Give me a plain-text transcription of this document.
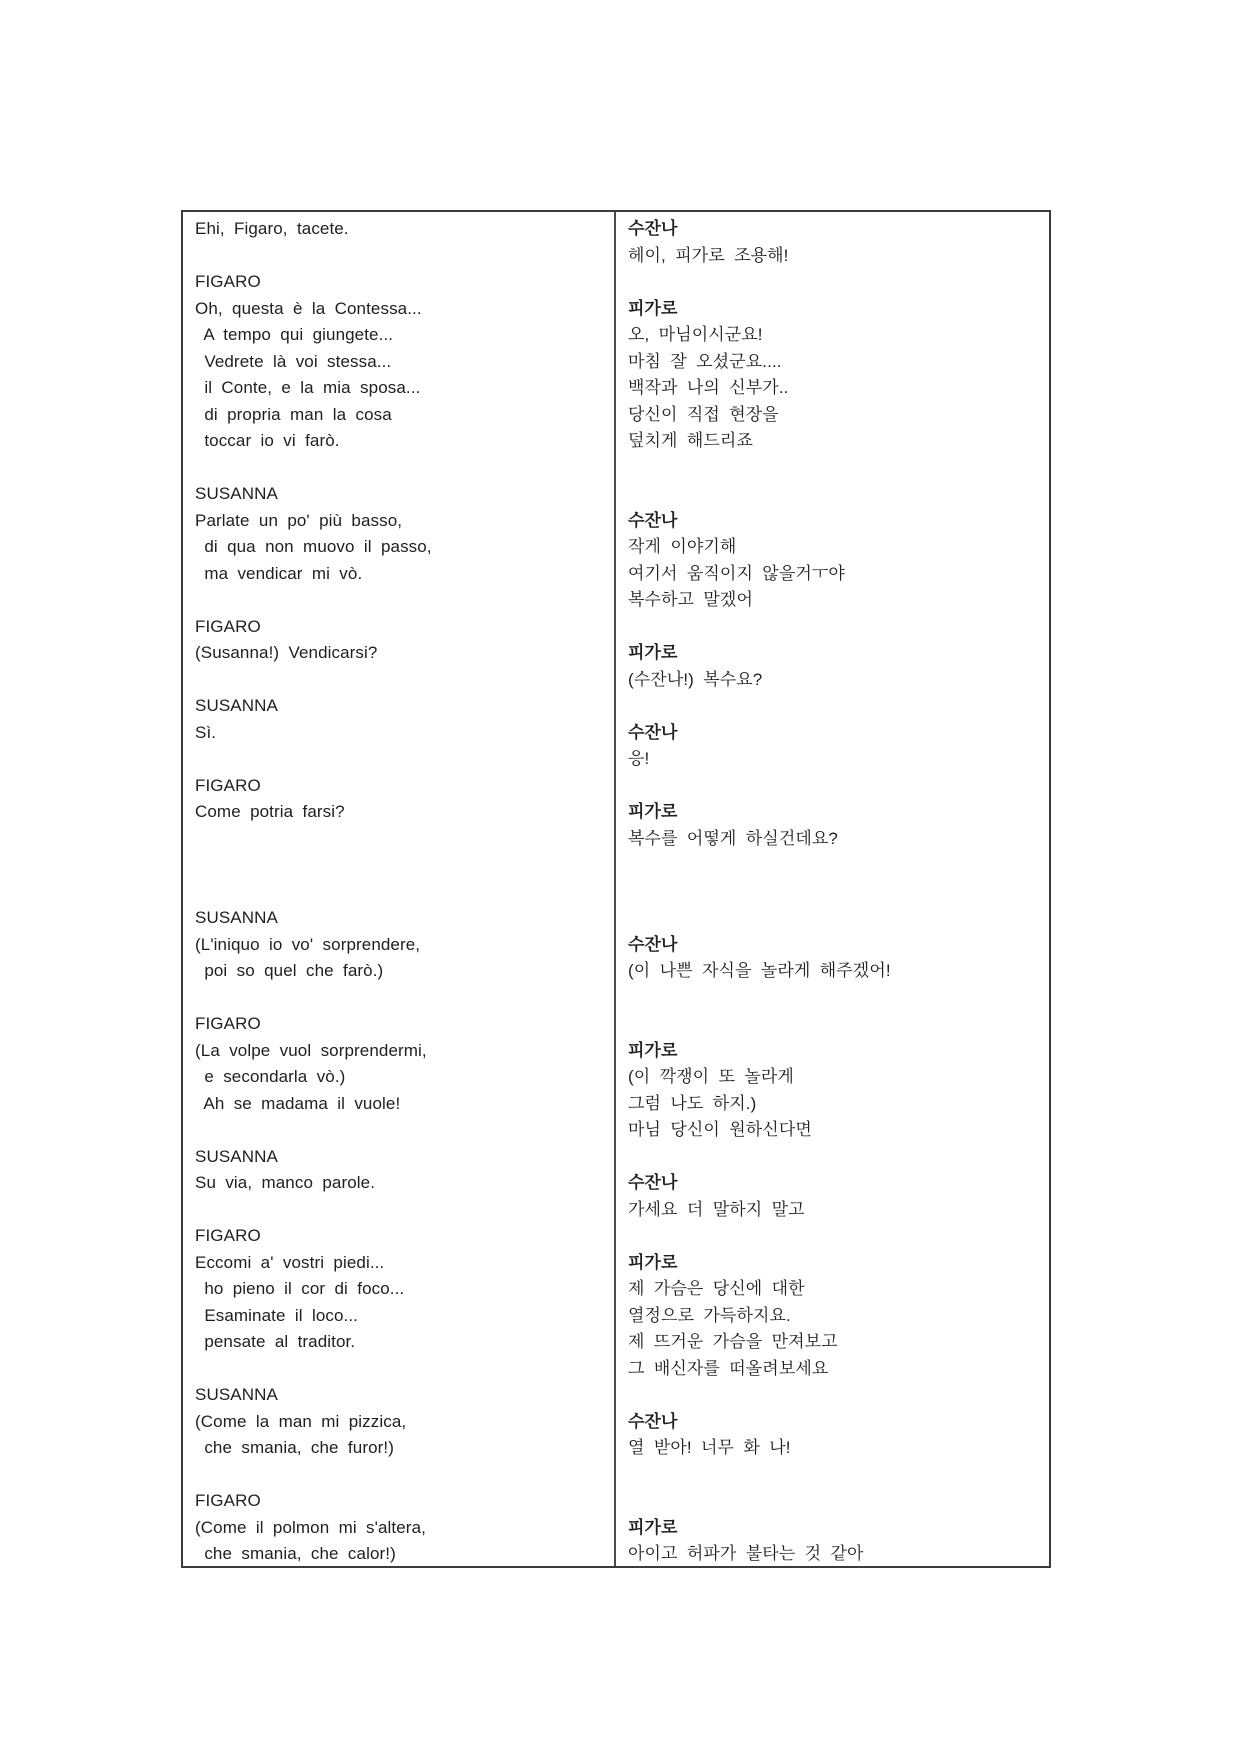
Ehi, Figaro, tacete.
FIGARO
Oh, questa è la Contessa...
A tempo qui giungete...
Vedrete là voi stessa...
il Conte, e la mia sposa...
di propria man la cosa
toccar io vi farò.
SUSANNA
Parlate un po' più basso,
di qua non muovo il passo,
ma vendicar mi vò.
FIGARO
(Susanna!) Vendicarsi?
SUSANNA
Sì.
FIGARO
Come potria farsi?
SUSANNA
(L'iniquo io vo' sorprendere,
poi so quel che farò.)
FIGARO
(La volpe vuol sorprendermi,
e secondarla vò.)
Ah se madama il vuole!
SUSANNA
Su via, manco parole.
FIGARO
Eccomi a' vostri piedi...
ho pieno il cor di foco...
Esaminate il loco...
pensate al traditor.
SUSANNA
(Come la man mi pizzica,
che smania, che furor!)
FIGARO
(Come il polmon mi s'altera,
che smania, che calor!)
수잔나
헤이, 피가로 조용해!
피가로
오, 마님이시군요!
마침 잘 오셨군요....
백작과 나의 신부가..
당신이 직접 현장을
덮치게 해드리죠
수잔나
작게 이야기해
여기서 움직이지 않을거ㅜ야
복수하고 말겠어
피가로
(수잔나!) 복수요?
수잔나
응!
피가로
복수를 어떻게 하실건데요?
수잔나
(이 나쁜 자식을 놀라게 해주겠어!
피가로
(이 깍쟁이 또 놀라게
그럼 나도 하지.)
마님 당신이 원하신다면
수잔나
가세요 더 말하지 말고
피가로
제 가슴은 당신에 대한
열정으로 가득하지요.
제 뜨거운 가슴을 만져보고
그 배신자를 떠올려보세요
수잔나
열 받아! 너무 화 나!
피가로
아이고 허파가 불타는 것 같아
